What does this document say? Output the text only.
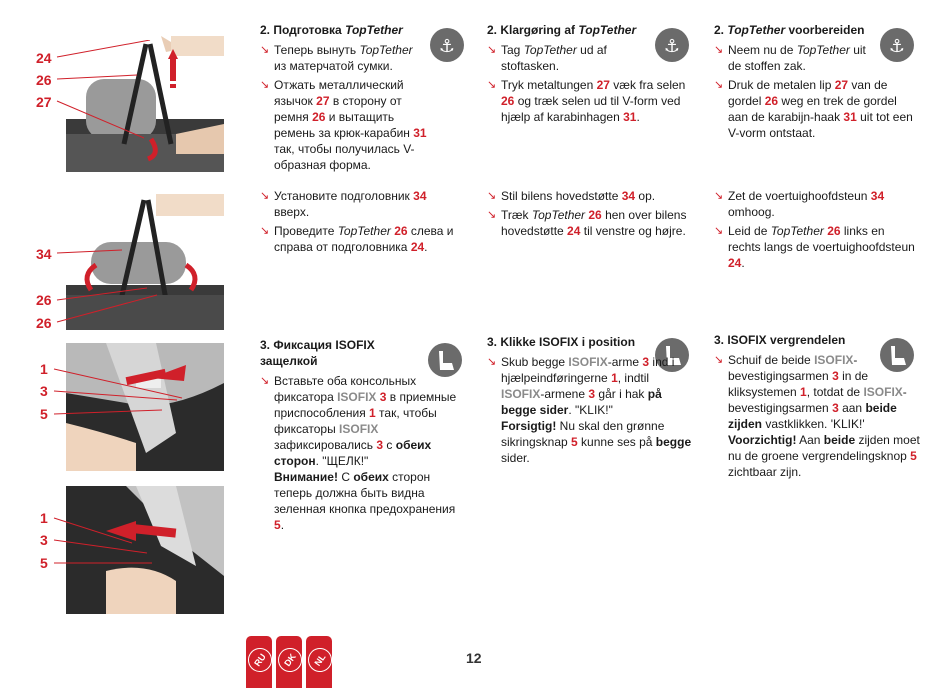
24
26
27
34
26
26
1
3
5
1
3
5
⚓	⚓	⚓
2. Подготовка TopTether
↘ Теперь вынуть TopTether из матерчатой сумки.
↘ Отжать металлический язычок 27 в сторону от ремня 26 и вытащить ремень за крюк-карабин 31 так, чтобы получилась V-образная форма.
↘ Установите подголовник 34 вверх.
↘ Проведите TopTether 26 слева и справа от подголовника 24.
3. Фиксация ISOFIX защелкой
↘ Вставьте оба консольных фиксатора ISOFIX 3 в приемные приспособления 1 так, чтобы фиксаторы ISOFIX зафиксировались 3 с обеих сторон. "ЩЕЛК!"
Внимание! С обеих сторон теперь должна быть видна зеленная кнопка предохранения 5.
2. Klargøring af TopTether
↘ Tag TopTether ud af stoftasken.
↘ Tryk metaltungen 27 væk fra selen 26 og træk selen ud til V-form ved hjælp af karabinhagen 31.
↘ Stil bilens hovedstøtte 34 op.
↘ Træk TopTether 26 hen over bilens hovedstøtte 24 til venstre og højre.
3. Klikke ISOFIX i position
↘ Skub begge ISOFIX-arme 3 ind i hjælpeindføringerne 1, indtil ISOFIX-armene 3 går i hak på begge sider. "KLIK!"
Forsigtig! Nu skal den grønne sikringsknap 5 kunne ses på begge sider.
2. TopTether voorbereiden
↘ Neem nu de TopTether uit de stoffen zak.
↘ Druk de metalen lip 27 van de gordel 26 weg en trek de gordel aan de karabijn-haak 31 uit tot een V-vorm ontstaat.
↘ Zet de voertuighoofdsteun 34 omhoog.
↘ Leid de TopTether 26 links en rechts langs de voertuighoofdsteun 24.
3. ISOFIX vergrendelen
↘ Schuif de beide ISOFIX-bevestigingsarmen 3 in de kliksystemen 1, totdat de ISOFIX-bevestigingsarmen 3 aan beide zijden vastklikken. 'KLIK!' Voorzichtig! Aan beide zijden moet nu de groene vergrendelingsknop 5 zichtbaar zijn.
RU	DK	NL	12
